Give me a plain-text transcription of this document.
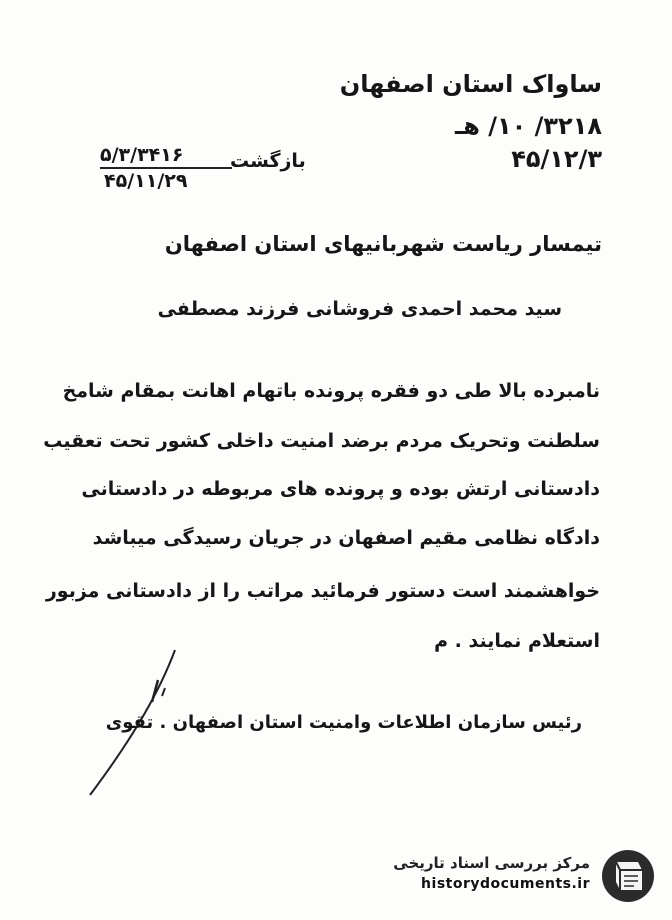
ساواک استان اصفهان
۳۲۱۸/ ۱۰/ هـ
۴۵/۱۲/۳
بازگشت
۵/۳/۳۴۱۶
۴۵/۱۱/۲۹
تیمسار ریاست شهربانیهای استان اصفهان
سید محمد احمدی فروشانی فرزند مصطفی
نامبرده بالا طی دو فقره پرونده باتهام اهانت بمقام شامخ
سلطنت وتحریک مردم برضد امنیت داخلی کشور تحت تعقیب
دادستانی ارتش بوده و پرونده های مربوطه در دادستانی
دادگاه نظامی مقیم اصفهان در جریان رسیدگی میباشد
خواهشمند است دستور فرمائید مراتب را از دادستانی مزبور
استعلام نمایند . م
رئیس سازمان اطلاعات وامنیت استان اصفهان . تقوی
مرکز بررسی اسناد تاریخی
historydocuments.ir
